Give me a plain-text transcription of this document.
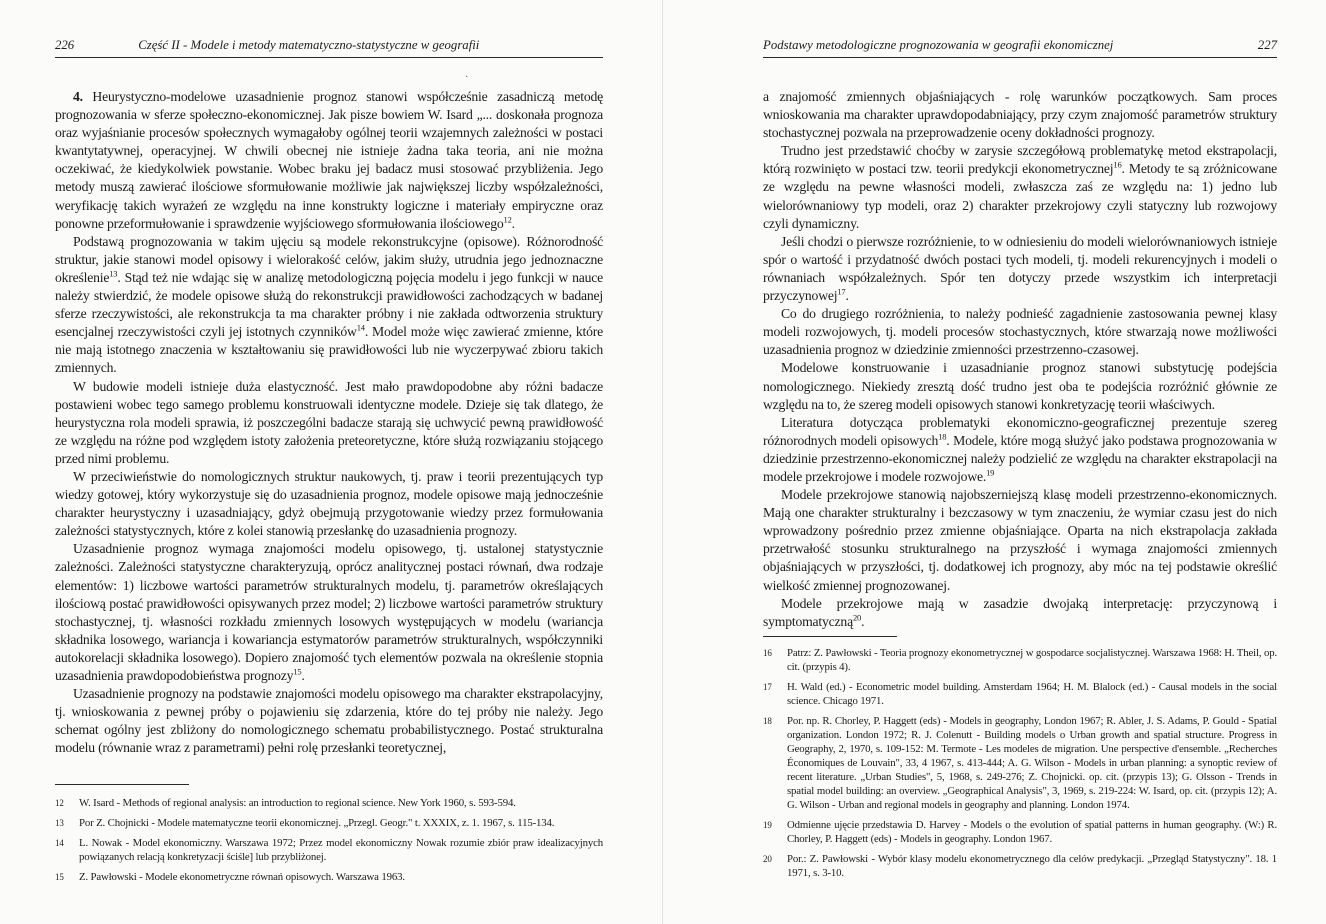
226	Część II - Modele i metody matematyczno-statystyczne w geografii

4. Heurystyczno-modelowe uzasadnienie prognoz stanowi współcześnie zasadniczą metodę prognozowania w sferze społeczno-ekonomicznej. Jak pisze bowiem W. Isard „... doskonała prognoza oraz wyjaśnianie procesów społecznych wymagałoby ogólnej teorii wzajemnych zależności w postaci kwantytatywnej, operacyjnej. W chwili obecnej nie istnieje żadna taka teoria, ani nie można oczekiwać, że kiedykolwiek powstanie. Wobec braku jej badacz musi stosować przybliżenia. Jego metody muszą zawierać ilościowe sformułowanie możliwie jak największej liczby współzależności, weryfikację takich wyrażeń ze względu na inne konstrukty logiczne i materiały empiryczne oraz ponowne przeformułowanie i sprawdzenie wyjściowego sformułowania ilościowego$^{12}$.

Podstawą prognozowania w takim ujęciu są modele rekonstrukcyjne (opisowe). Różnorodność struktur, jakie stanowi model opisowy i wielorakość celów, jakim służy, utrudnia jego jednoznaczne określenie$^{13}$. Stąd też nie wdając się w analizę metodologiczną pojęcia modelu i jego funkcji w nauce należy stwierdzić, że modele opisowe służą do rekonstrukcji prawidłowości zachodzących w badanej sferze rzeczywistości, ale rekonstrukcja ta ma charakter próbny i nie zakłada odtworzenia struktury esencjalnej rzeczywistości czyli jej istotnych czynników$^{14}$. Model może więc zawierać zmienne, które nie mają istotnego znaczenia w kształtowaniu się prawidłowości lub nie wyczerpywać zbioru takich zmiennych.

W budowie modeli istnieje duża elastyczność. Jest mało prawdopodobne aby różni badacze postawieni wobec tego samego problemu konstruowali identyczne modele. Dzieje się tak dlatego, że heurystyczna rola modeli sprawia, iż poszczególni badacze starają się uchwycić pewną prawidłowość ze względu na różne pod względem istoty założenia preteoretyczne, które służą rozwiązaniu stojącego przed nimi problemu.

W przeciwieństwie do nomologicznych struktur naukowych, tj. praw i teorii prezentujących typ wiedzy gotowej, który wykorzystuje się do uzasadnienia prognoz, modele opisowe mają jednocześnie charakter heurystyczny i uzasadniający, gdyż obejmują przygotowanie wiedzy przez formułowania zależności statystycznych, które z kolei stanowią przesłankę do uzasadnienia prognozy.

Uzasadnienie prognoz wymaga znajomości modelu opisowego, tj. ustalonej statystycznie zależności. Zależności statystyczne charakteryzują, oprócz analitycznej postaci równań, dwa rodzaje elementów: 1) liczbowe wartości parametrów strukturalnych modelu, tj. parametrów określających ilościową postać prawidłowości opisywanych przez model; 2) liczbowe wartości parametrów struktury stochastycznej, tj. własności rozkładu zmiennych losowych występujących w modelu (wariancja składnika losowego, wariancja i kowariancja estymatorów parametrów strukturalnych, współczynniki autokorelacji składnika losowego). Dopiero znajomość tych elementów pozwala na określenie stopnia uzasadnienia prawdopodobieństwa prognozy$^{15}$.

Uzasadnienie prognozy na podstawie znajomości modelu opisowego ma charakter ekstrapolacyjny, tj. wnioskowania z pewnej próby o pojawieniu się zdarzenia, które do tej próby nie należy. Jego schemat ogólny jest zbliżony do nomologicznego schematu probabilistycznego. Postać strukturalna modelu (równanie wraz z parametrami) pełni rolę przesłanki teoretycznej,

12 W. Isard - Methods of regional analysis: an introduction to regional science. New York 1960, s. 593-594.
13 Por Z. Chojnicki - Modele matematyczne teorii ekonomicznej. „Przegl. Geogr." t. XXXIX, z. 1. 1967, s. 115-134.
14 L. Nowak - Model ekonomiczny. Warszawa 1972; Przez model ekonomiczny Nowak rozumie zbiór praw idealizacyjnych powiązanych relacją konkretyzacji ściśle] lub przybliżonej.
15 Z. Pawłowski - Modele ekonometryczne równań opisowych. Warszawa 1963.
·
Podstawy metodologiczne prognozowania w geografii ekonomicznej	227

a znajomość zmiennych objaśniających - rolę warunków początkowych. Sam proces wnioskowania ma charakter uprawdopodabniający, przy czym znajomość parametrów struktury stochastycznej pozwala na przeprowadzenie oceny dokładności prognozy.

Trudno jest przedstawić choćby w zarysie szczegółową problematykę metod ekstrapolacji, którą rozwinięto w postaci tzw. teorii predykcji ekonometrycznej$^{16}$. Metody te są zróżnicowane ze względu na pewne własności modeli, zwłaszcza zaś ze względu na: 1) jedno lub wielorównaniowy typ modeli, oraz 2) charakter przekrojowy czyli statyczny lub rozwojowy czyli dynamiczny.

Jeśli chodzi o pierwsze rozróżnienie, to w odniesieniu do modeli wielorównaniowych istnieje spór o wartość i przydatność dwóch postaci tych modeli, tj. modeli rekurencyjnych i modeli o równaniach współzależnych. Spór ten dotyczy przede wszystkim ich interpretacji przyczynowej$^{17}$.

Co do drugiego rozróżnienia, to należy podnieść zagadnienie zastosowania pewnej klasy modeli rozwojowych, tj. modeli procesów stochastycznych, które stwarzają nowe możliwości uzasadnienia prognoz w dziedzinie zmienności przestrzenno-czasowej.

Modelowe konstruowanie i uzasadnianie prognoz stanowi substytucję podejścia nomologicznego. Niekiedy zresztą dość trudno jest oba te podejścia rozróżnić głównie ze względu na to, że szereg modeli opisowych stanowi konkretyzację teorii właściwych.

Literatura dotycząca problematyki ekonomiczno-geograficznej prezentuje szereg różnorodnych modeli opisowych$^{18}$. Modele, które mogą służyć jako podstawa prognozowania w dziedzinie przestrzenno-ekonomicznej należy podzielić ze względu na charakter ekstrapolacji na modele przekrojowe i modele rozwojowe.$^{19}$

Modele przekrojowe stanowią najobszerniejszą klasę modeli przestrzenno-ekonomicznych. Mają one charakter strukturalny i bezczasowy w tym znaczeniu, że wymiar czasu jest do nich wprowadzony pośrednio przez zmienne objaśniające. Oparta na nich ekstrapolacja zakłada przetrwałość stosunku strukturalnego na przyszłość i wymaga znajomości zmiennych objaśniających w przyszłości, tj. dodatkowej ich prognozy, aby móc na tej podstawie określić wielkość zmiennej prognozowanej.

Modele przekrojowe mają w zasadzie dwojaką interpretację: przyczynową i symptomatyczną$^{20}$.

16 Patrz: Z. Pawłowski - Teoria prognozy ekonometrycznej w gospodarce socjalistycznej. Warszawa 1968: H. Theil, op. cit. (przypis 4).
17 H. Wald (ed.) - Econometric model building. Amsterdam 1964; H. M. Blalock (ed.) - Causal models in the social science. Chicago 1971.
18 Por. np. R. Chorley, P. Haggett (eds) - Models in geography, London 1967; R. Abler, J. S. Adams, P. Gould - Spatial organization. London 1972; R. J. Colenutt - Building models o Urban growth and spatial structure. Progress in Geography, 2, 1970, s. 109-152: M. Termote - Les modeles de migration. Une perspective d'ensemble. „Recherches Économiques de Louvain", 33, 4 1967, s. 413-444; A. G. Wilson - Models in urban planning: a synoptic review of recent literature. „Urban Studies", 5, 1968, s. 249-276; Z. Chojnicki. op. cit. (przypis 13); G. Olsson - Trends in spatial model building: an overview. „Geographical Analysis", 3, 1969, s. 219-224: W. Isard, op. cit. (przypis 12); A. G. Wilson - Urban and regional models in geography and planning. London 1974.
19 Odmienne ujęcie przedstawia D. Harvey - Models o the evolution of spatial patterns in human geography. (W:) R. Chorley, P. Haggett (eds) - Models in geography. London 1967.
20 Por.: Z. Pawłowski - Wybór klasy modelu ekonometrycznego dla celów predykacji. „Przegląd Statystyczny". 18. 1 1971, s. 3-10.
